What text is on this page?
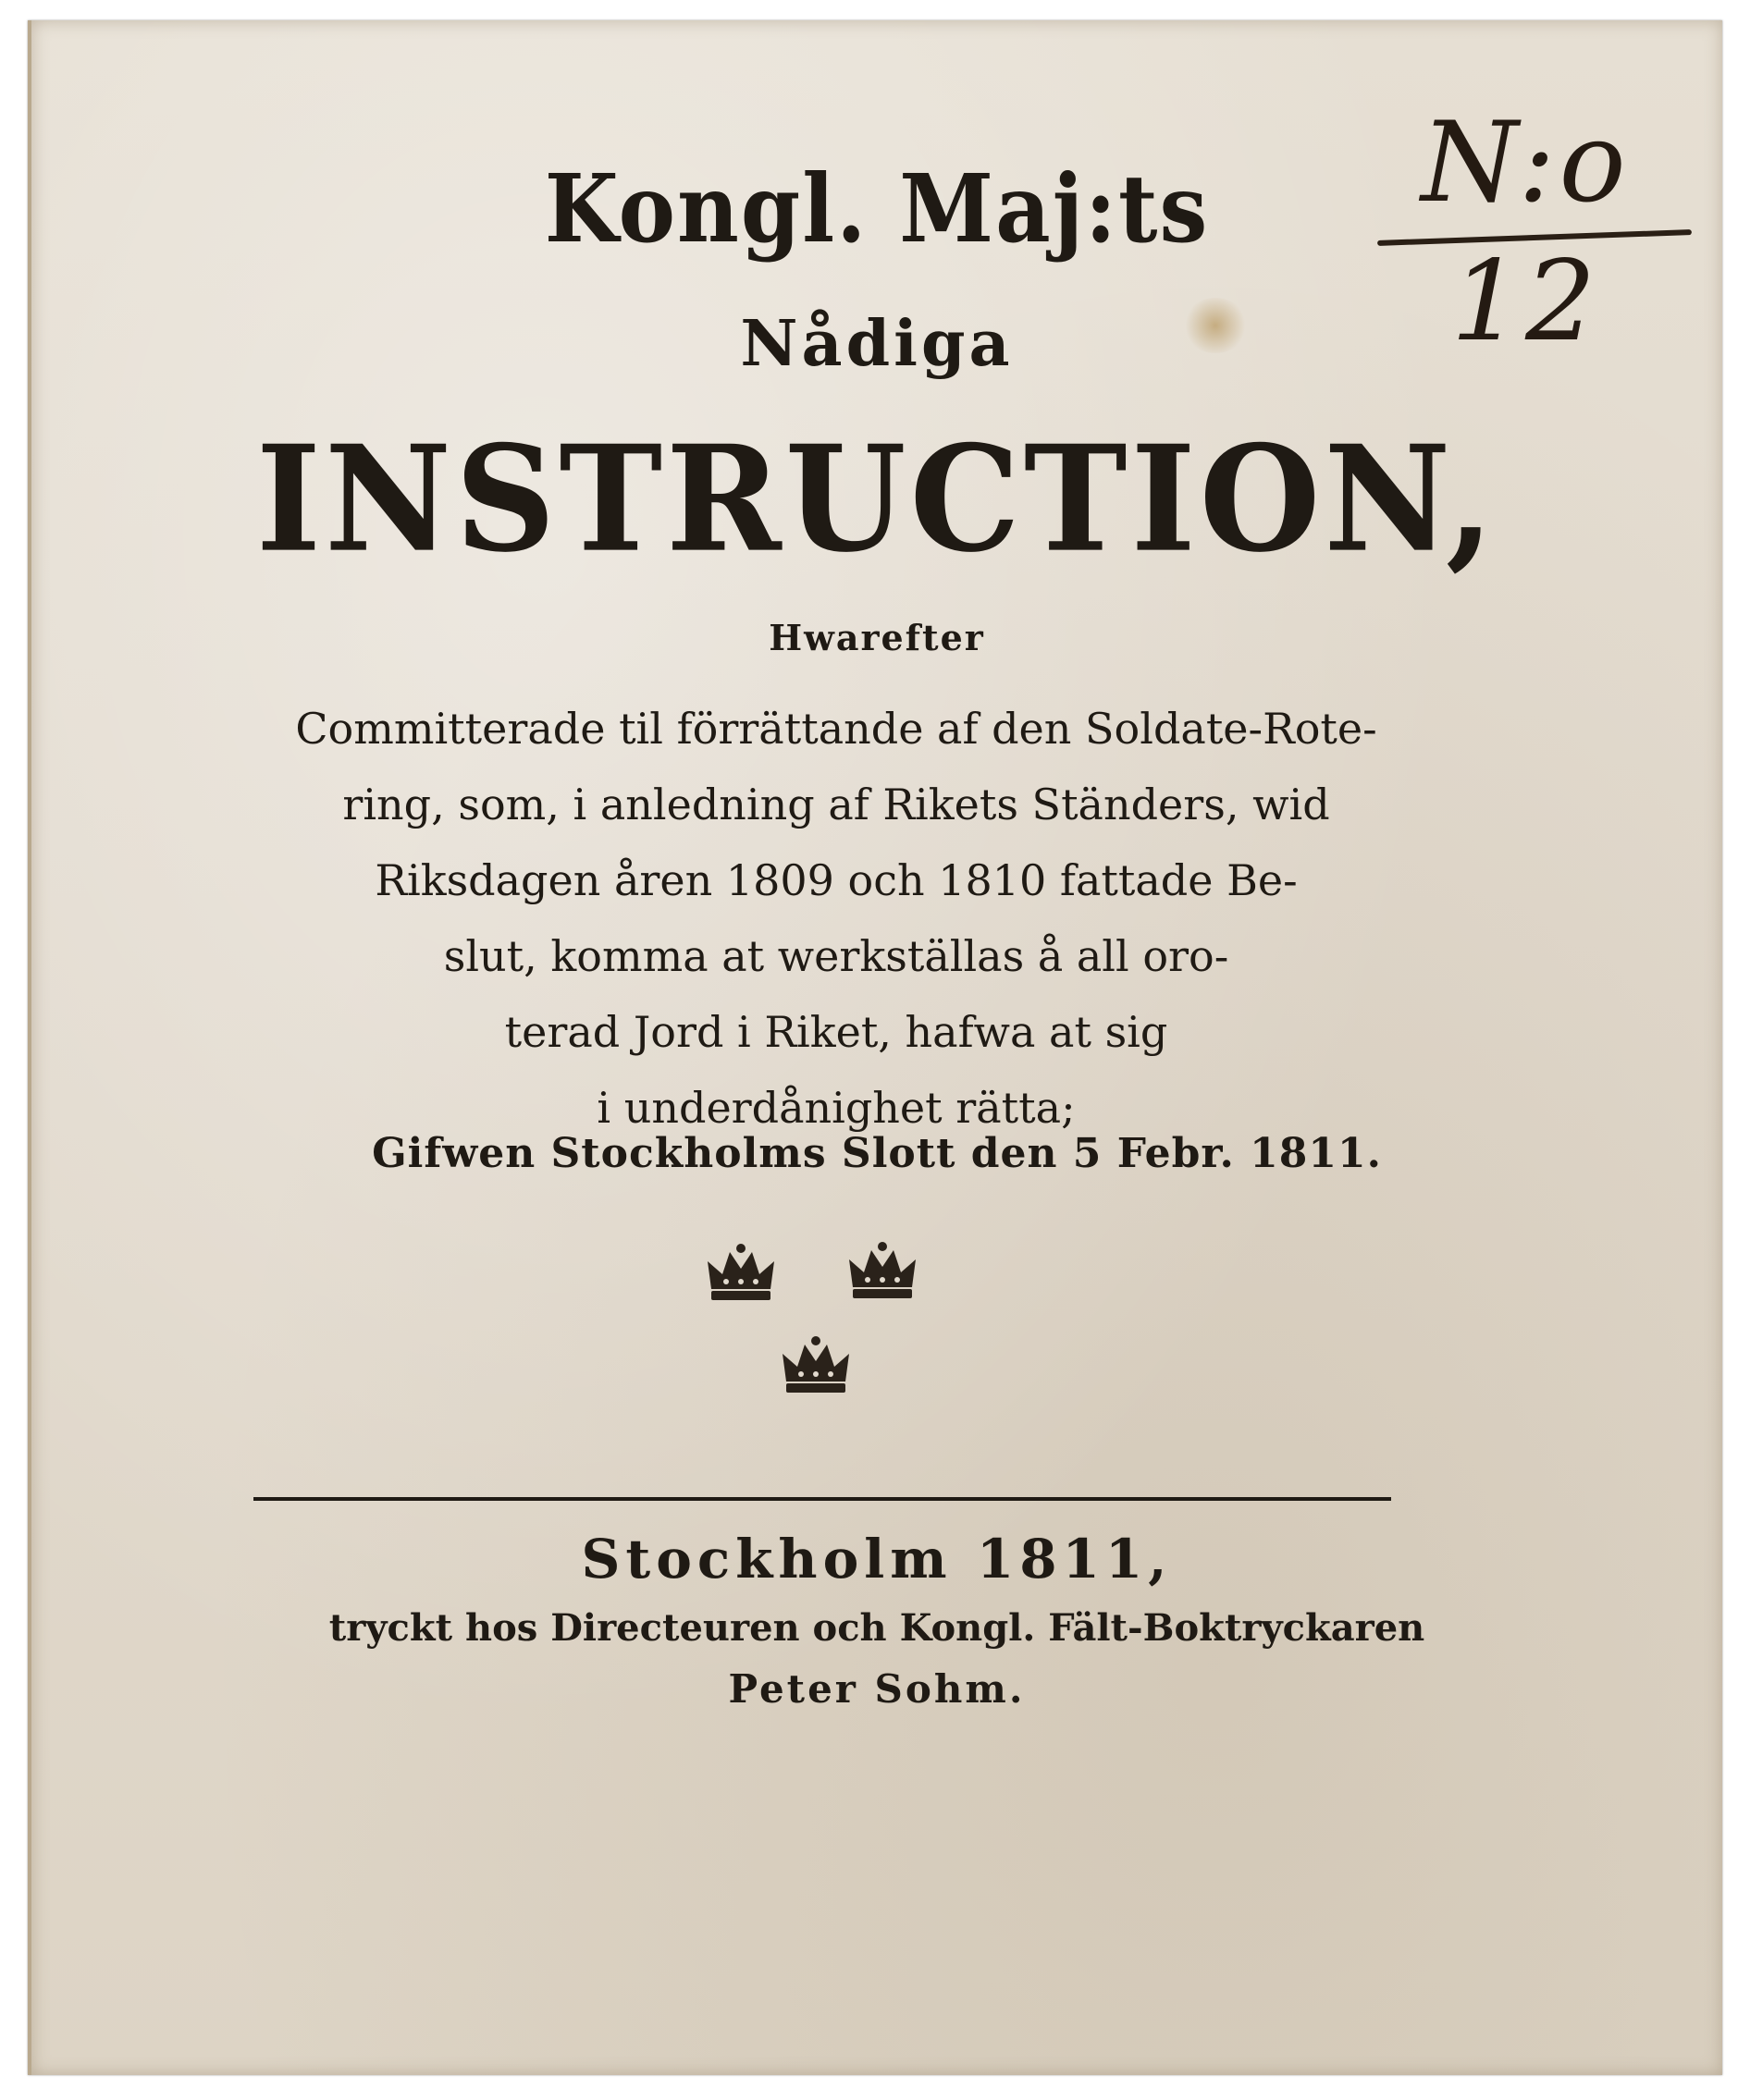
N:o 12
Kongl. Maj:ts
Nådiga
INSTRUCTION,
Hwarefter
Committerade til förrättande af den Soldate-Rote-
ring, som, i anledning af Rikets Ständers, wid
Riksdagen åren 1809 och 1810 fattade Be-
slut, komma at werkställas å all oro-
terad Jord i Riket, hafwa at sig
i underdånighet rätta;
Gifwen Stockholms Slott den 5 Febr. 1811.
Stockholm 1811,
tryckt hos Directeuren och Kongl. Fält-Boktryckaren
Peter Sohm.
